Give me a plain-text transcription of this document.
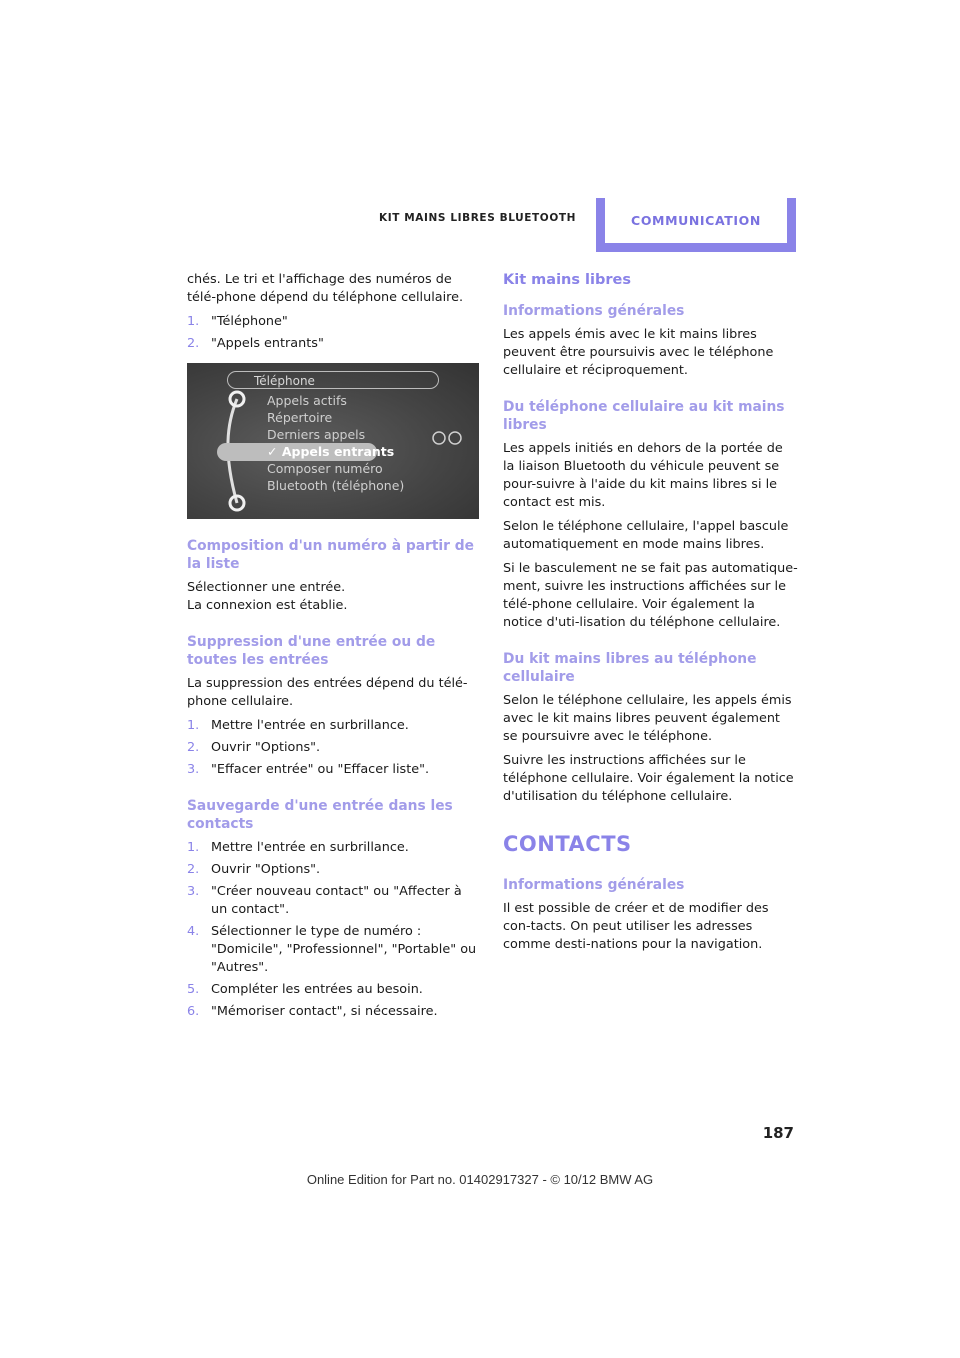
KIT MAINS LIBRES BLUETOOTH	COMMUNICATION

chés. Le tri et l'affichage des numéros de télé-phone dépend du téléphone cellulaire.

1. "Téléphone"
2. "Appels entrants"
Téléphone
Appels actifs
Répertoire
Derniers appels
✓ Appels entrants
Composer numéro
Bluetooth (téléphone)
Composition d'un numéro à partir de la liste

Sélectionner une entrée.

La connexion est établie.

Suppression d'une entrée ou de toutes les entrées

La suppression des entrées dépend du télé-phone cellulaire.

1. Mettre l'entrée en surbrillance.
2. Ouvrir "Options".
3. "Effacer entrée" ou "Effacer liste".
Sauvegarde d'une entrée dans les contacts
1. Mettre l'entrée en surbrillance.
2. Ouvrir "Options".
3. "Créer nouveau contact" ou "Affecter à un contact".
4. Sélectionner le type de numéro : "Domicile", "Professionnel", "Portable" ou "Autres".
5. Compléter les entrées au besoin.
6. "Mémoriser contact", si nécessaire.
Kit mains libres
Informations générales

Les appels émis avec le kit mains libres peuvent être poursuivis avec le téléphone cellulaire et réciproquement.

Du téléphone cellulaire au kit mains libres

Les appels initiés en dehors de la portée de la liaison Bluetooth du véhicule peuvent se pour-suivre à l'aide du kit mains libres si le contact est mis.

Selon le téléphone cellulaire, l'appel bascule automatiquement en mode mains libres.

Si le basculement ne se fait pas automatique-ment, suivre les instructions affichées sur le télé-phone cellulaire. Voir également la notice d'uti-lisation du téléphone cellulaire.

Du kit mains libres au téléphone cellulaire

Selon le téléphone cellulaire, les appels émis avec le kit mains libres peuvent également se poursuivre avec le téléphone.

Suivre les instructions affichées sur le téléphone cellulaire. Voir également la notice d'utilisation du téléphone cellulaire.

CONTACTS
Informations générales

Il est possible de créer et de modifier des con-tacts. On peut utiliser les adresses comme desti-nations pour la navigation.

187
Online Edition for Part no. 01402917327 - © 10/12 BMW AG
